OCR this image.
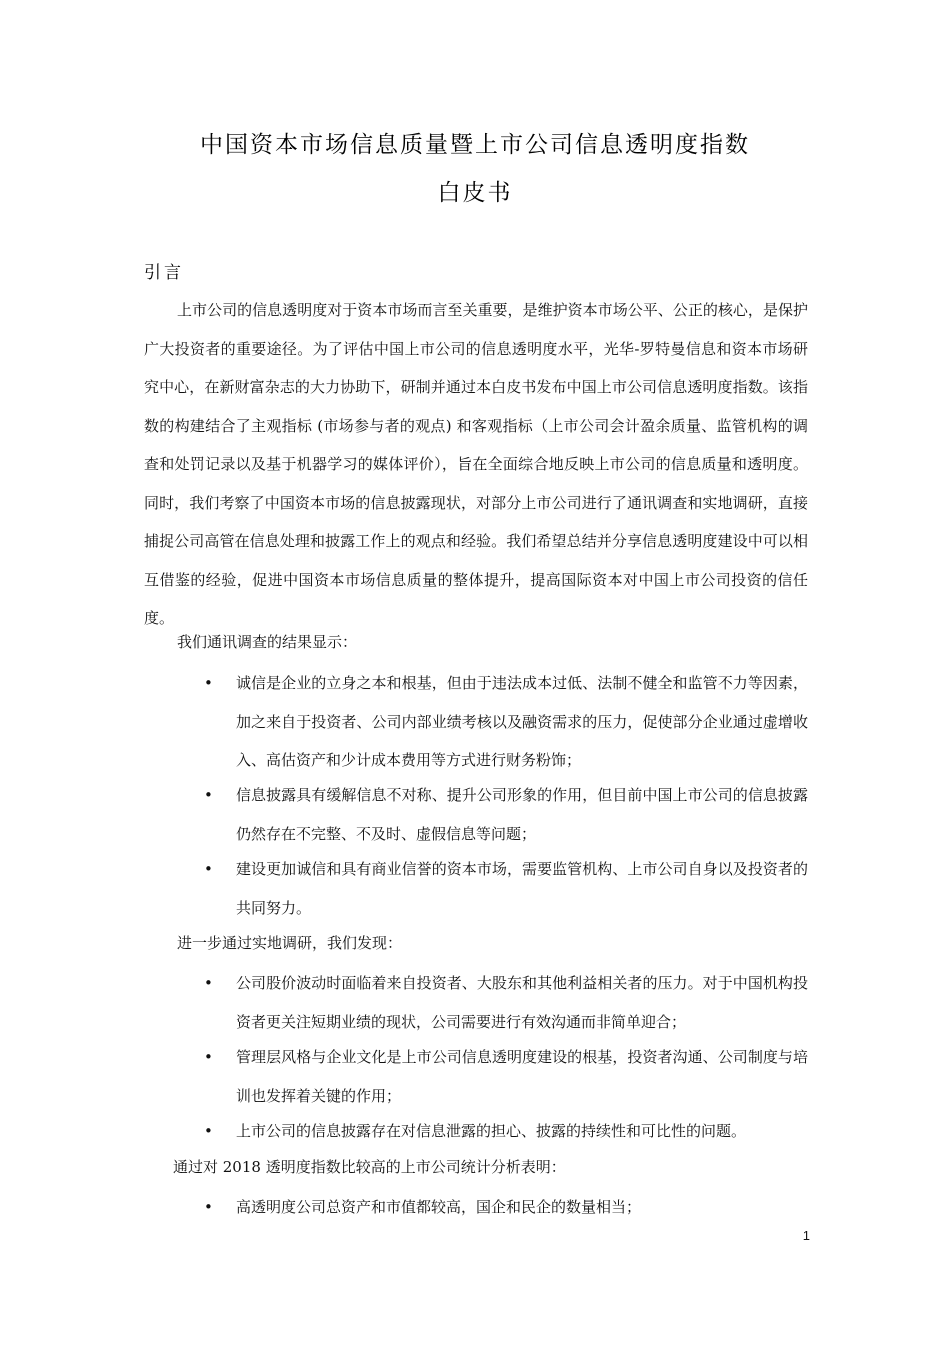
中国资本市场信息质量暨上市公司信息透明度指数
白皮书
引言
上市公司的信息透明度对于资本市场而言至关重要，是维护资本市场公平、公正的核心，是保护广大投资者的重要途径。为了评估中国上市公司的信息透明度水平，光华-罗特曼信息和资本市场研究中心，在新财富杂志的大力协助下，研制并通过本白皮书发布中国上市公司信息透明度指数。该指数的构建结合了主观指标 (市场参与者的观点) 和客观指标（上市公司会计盈余质量、监管机构的调查和处罚记录以及基于机器学习的媒体评价），旨在全面综合地反映上市公司的信息质量和透明度。同时，我们考察了中国资本市场的信息披露现状，对部分上市公司进行了通讯调查和实地调研，直接捕捉公司高管在信息处理和披露工作上的观点和经验。我们希望总结并分享信息透明度建设中可以相互借鉴的经验，促进中国资本市场信息质量的整体提升，提高国际资本对中国上市公司投资的信任度。
我们通讯调查的结果显示：
• 诚信是企业的立身之本和根基，但由于违法成本过低、法制不健全和监管不力等因素，加之来自于投资者、公司内部业绩考核以及融资需求的压力，促使部分企业通过虚增收入、高估资产和少计成本费用等方式进行财务粉饰；
• 信息披露具有缓解信息不对称、提升公司形象的作用，但目前中国上市公司的信息披露仍然存在不完整、不及时、虚假信息等问题；
• 建设更加诚信和具有商业信誉的资本市场，需要监管机构、上市公司自身以及投资者的共同努力。
进一步通过实地调研，我们发现：
• 公司股价波动时面临着来自投资者、大股东和其他利益相关者的压力。对于中国机构投资者更关注短期业绩的现状，公司需要进行有效沟通而非简单迎合；
• 管理层风格与企业文化是上市公司信息透明度建设的根基，投资者沟通、公司制度与培训也发挥着关键的作用；
• 上市公司的信息披露存在对信息泄露的担心、披露的持续性和可比性的问题。
通过对 2018 透明度指数比较高的上市公司统计分析表明：
• 高透明度公司总资产和市值都较高，国企和民企的数量相当；
1
